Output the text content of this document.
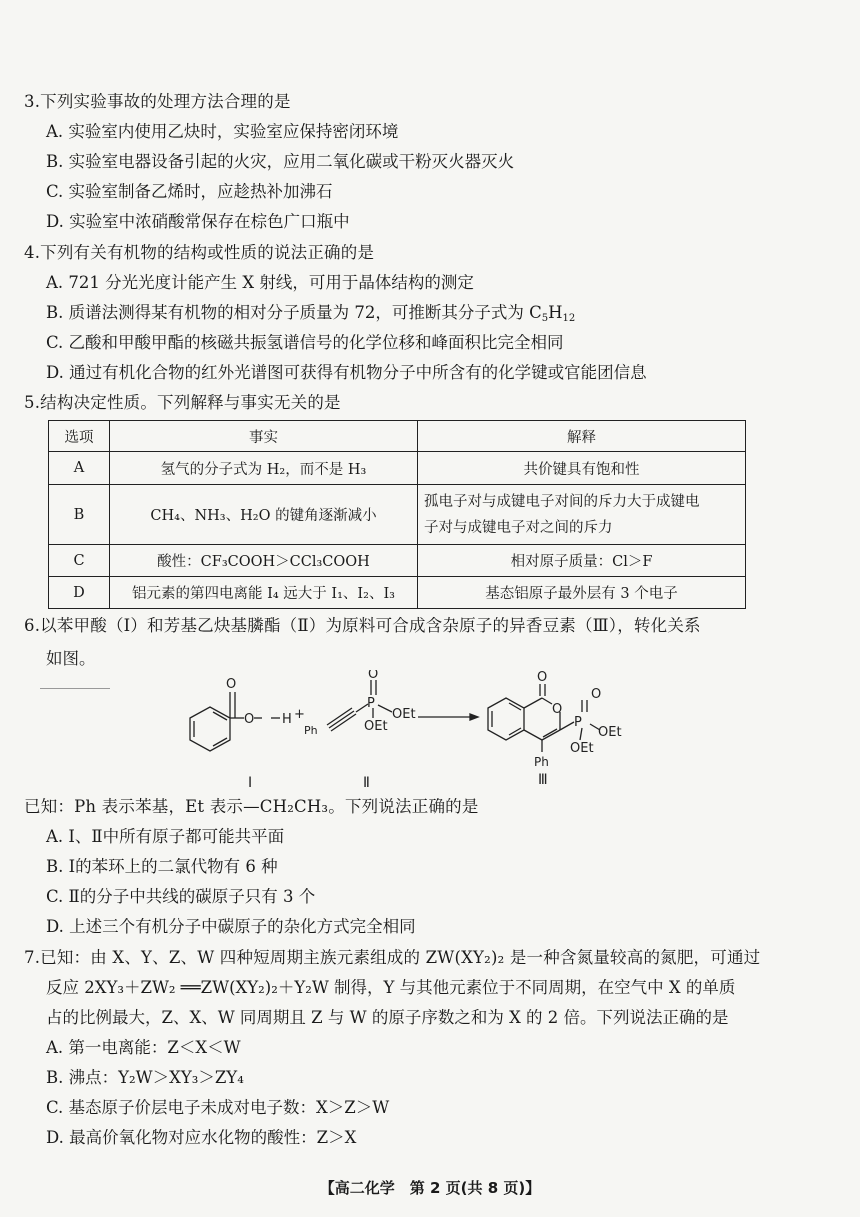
3.下列实验事故的处理方法合理的是
A. 实验室内使用乙炔时，实验室应保持密闭环境
B. 实验室电器设备引起的火灾，应用二氧化碳或干粉灭火器灭火
C. 实验室制备乙烯时，应趁热补加沸石
D. 实验室中浓硝酸常保存在棕色广口瓶中
4.下列有关有机物的结构或性质的说法正确的是
A. 721 分光光度计能产生 X 射线，可用于晶体结构的测定
B. 质谱法测得某有机物的相对分子质量为 72，可推断其分子式为 $C_5H_{12}$
C. 乙酸和甲酸甲酯的核磁共振氢谱信号的化学位移和峰面积比完全相同
D. 通过有机化合物的红外光谱图可获得有机物分子中所含有的化学键或官能团信息
5.结构决定性质。下列解释与事实无关的是
选项	事实	解释
A	氢气的分子式为 H₂，而不是 H₃	共价键具有饱和性
B	CH₄、NH₃、H₂O 的键角逐渐减小	孤电子对与成键电子对间的斥力大于成键电
子对与成键电子对之间的斥力

C	酸性：CF₃COOH＞CCl₃COOH	相对原子质量：Cl＞F
D	铝元素的第四电离能 I₄ 远大于 I₁、I₂、I₃	基态铝原子最外层有 3 个电子
6.以苯甲酸（Ⅰ）和芳基乙炔基膦酯（Ⅱ）为原料可合成含杂原子的异香豆素（Ⅲ），转化关系
如图。
O
O H +
Ph
P
O
OEt
OEt
O
O
P
O
OEt
OEt
Ph
Ⅰ	Ⅱ	Ⅲ
已知：Ph 表示苯基，Et 表示—CH₂CH₃。下列说法正确的是
A. Ⅰ、Ⅱ中所有原子都可能共平面
B. Ⅰ的苯环上的二氯代物有 6 种
C. Ⅱ的分子中共线的碳原子只有 3 个
D. 上述三个有机分子中碳原子的杂化方式完全相同
7.已知：由 X、Y、Z、W 四种短周期主族元素组成的 ZW(XY₂)₂ 是一种含氮量较高的氮肥，可通过
反应 2XY₃＋ZW₂ ══ZW(XY₂)₂＋Y₂W 制得，Y 与其他元素位于不同周期，在空气中 X 的单质
占的比例最大，Z、X、W 同周期且 Z 与 W 的原子序数之和为 X 的 2 倍。下列说法正确的是
A. 第一电离能：Z＜X＜W
B. 沸点：Y₂W＞XY₃＞ZY₄
C. 基态原子价层电子未成对电子数：X＞Z＞W
D. 最高价氧化物对应水化物的酸性：Z＞X
【高二化学　第 2 页(共 8 页)】
